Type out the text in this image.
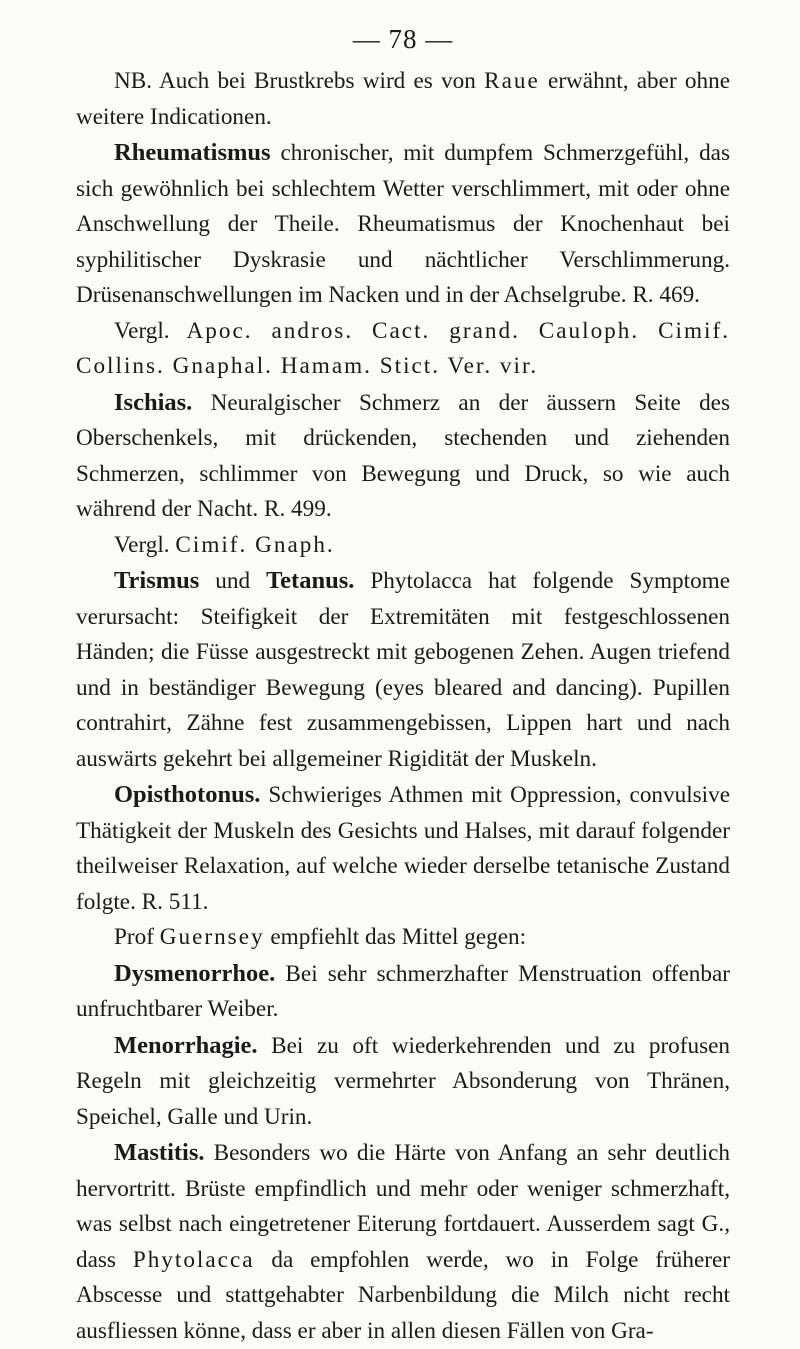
— 78 —

NB. Auch bei Brustkrebs wird es von Raue erwähnt, aber ohne weitere Indicationen.

Rheumatismus chronischer, mit dumpfem Schmerzgefühl, das sich gewöhnlich bei schlechtem Wetter verschlimmert, mit oder ohne Anschwellung der Theile. Rheumatismus der Knochenhaut bei syphilitischer Dyskrasie und nächtlicher Verschlimmerung. Drüsenanschwellungen im Nacken und in der Achselgrube. R. 469.

Vergl. Apoc. andros. Cact. grand. Cauloph. Cimif. Collins. Gnaphal. Hamam. Stict. Ver. vir.

Ischias. Neuralgischer Schmerz an der äussern Seite des Oberschenkels, mit drückenden, stechenden und ziehenden Schmerzen, schlimmer von Bewegung und Druck, so wie auch während der Nacht. R. 499.

Vergl. Cimif. Gnaph.

Trismus und Tetanus. Phytolacca hat folgende Symptome verursacht: Steifigkeit der Extremitäten mit festgeschlossenen Händen; die Füsse ausgestreckt mit gebogenen Zehen. Augen triefend und in beständiger Bewegung (eyes bleared and dancing). Pupillen contrahirt, Zähne fest zusammengebissen, Lippen hart und nach auswärts gekehrt bei allgemeiner Rigidität der Muskeln.

Opisthotonus. Schwieriges Athmen mit Oppression, convulsive Thätigkeit der Muskeln des Gesichts und Halses, mit darauf folgender theilweiser Relaxation, auf welche wieder derselbe tetanische Zustand folgte. R. 511.

Prof Guernsey empfiehlt das Mittel gegen:

Dysmenorrhoe. Bei sehr schmerzhafter Menstruation offenbar unfruchtbarer Weiber.

Menorrhagie. Bei zu oft wiederkehrenden und zu profusen Regeln mit gleichzeitig vermehrter Absonderung von Thränen, Speichel, Galle und Urin.

Mastitis. Besonders wo die Härte von Anfang an sehr deutlich hervortritt. Brüste empfindlich und mehr oder weniger schmerzhaft, was selbst nach eingetretener Eiterung fortdauert. Ausserdem sagt G., dass Phytolacca da empfohlen werde, wo in Folge früherer Abscesse und stattgehabter Narbenbildung die Milch nicht recht ausfliessen könne, dass er aber in allen diesen Fällen von Gra-
